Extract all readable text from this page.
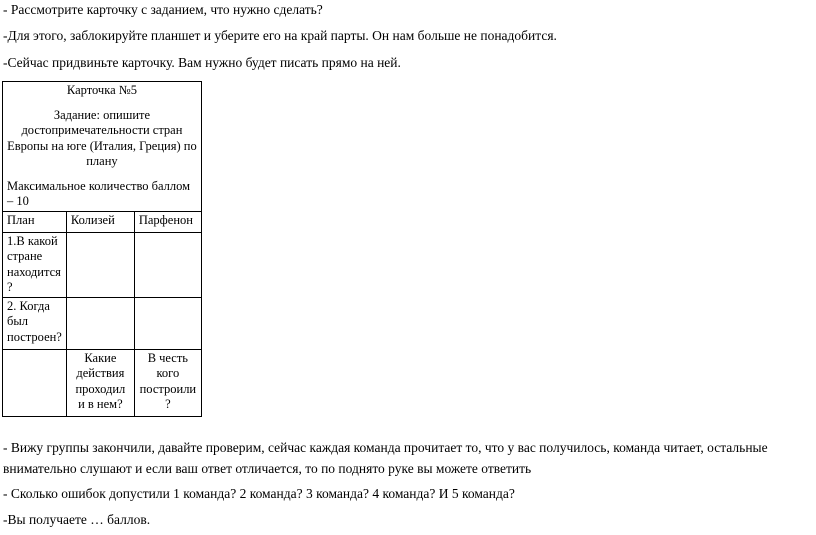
- Рассмотрите карточку с заданием, что нужно сделать?
-Для этого, заблокируйте планшет и уберите его на край парты. Он нам больше не понадобится.
-Сейчас придвиньте карточку. Вам нужно будет писать прямо на ней.

Карточка №5

Задание: опишите достопримечательности стран Европы на юге (Италия, Греция) по плану

Максимальное количество баллом – 10		

План	Колизей	Парфенон
1.В какой стране находится ?		
2. Когда был построен?		
	Какие действия проходил и в нем?	В честь кого построили ?
- Вижу группы закончили, давайте проверим, сейчас каждая команда прочитает то, что у вас получилось, команда читает, остальные внимательно слушают и если ваш ответ отличается, то по поднято руке вы можете ответить
- Сколько ошибок допустили 1 команда? 2 команда? 3 команда? 4 команда? И 5 команда?
-Вы получаете … баллов.
